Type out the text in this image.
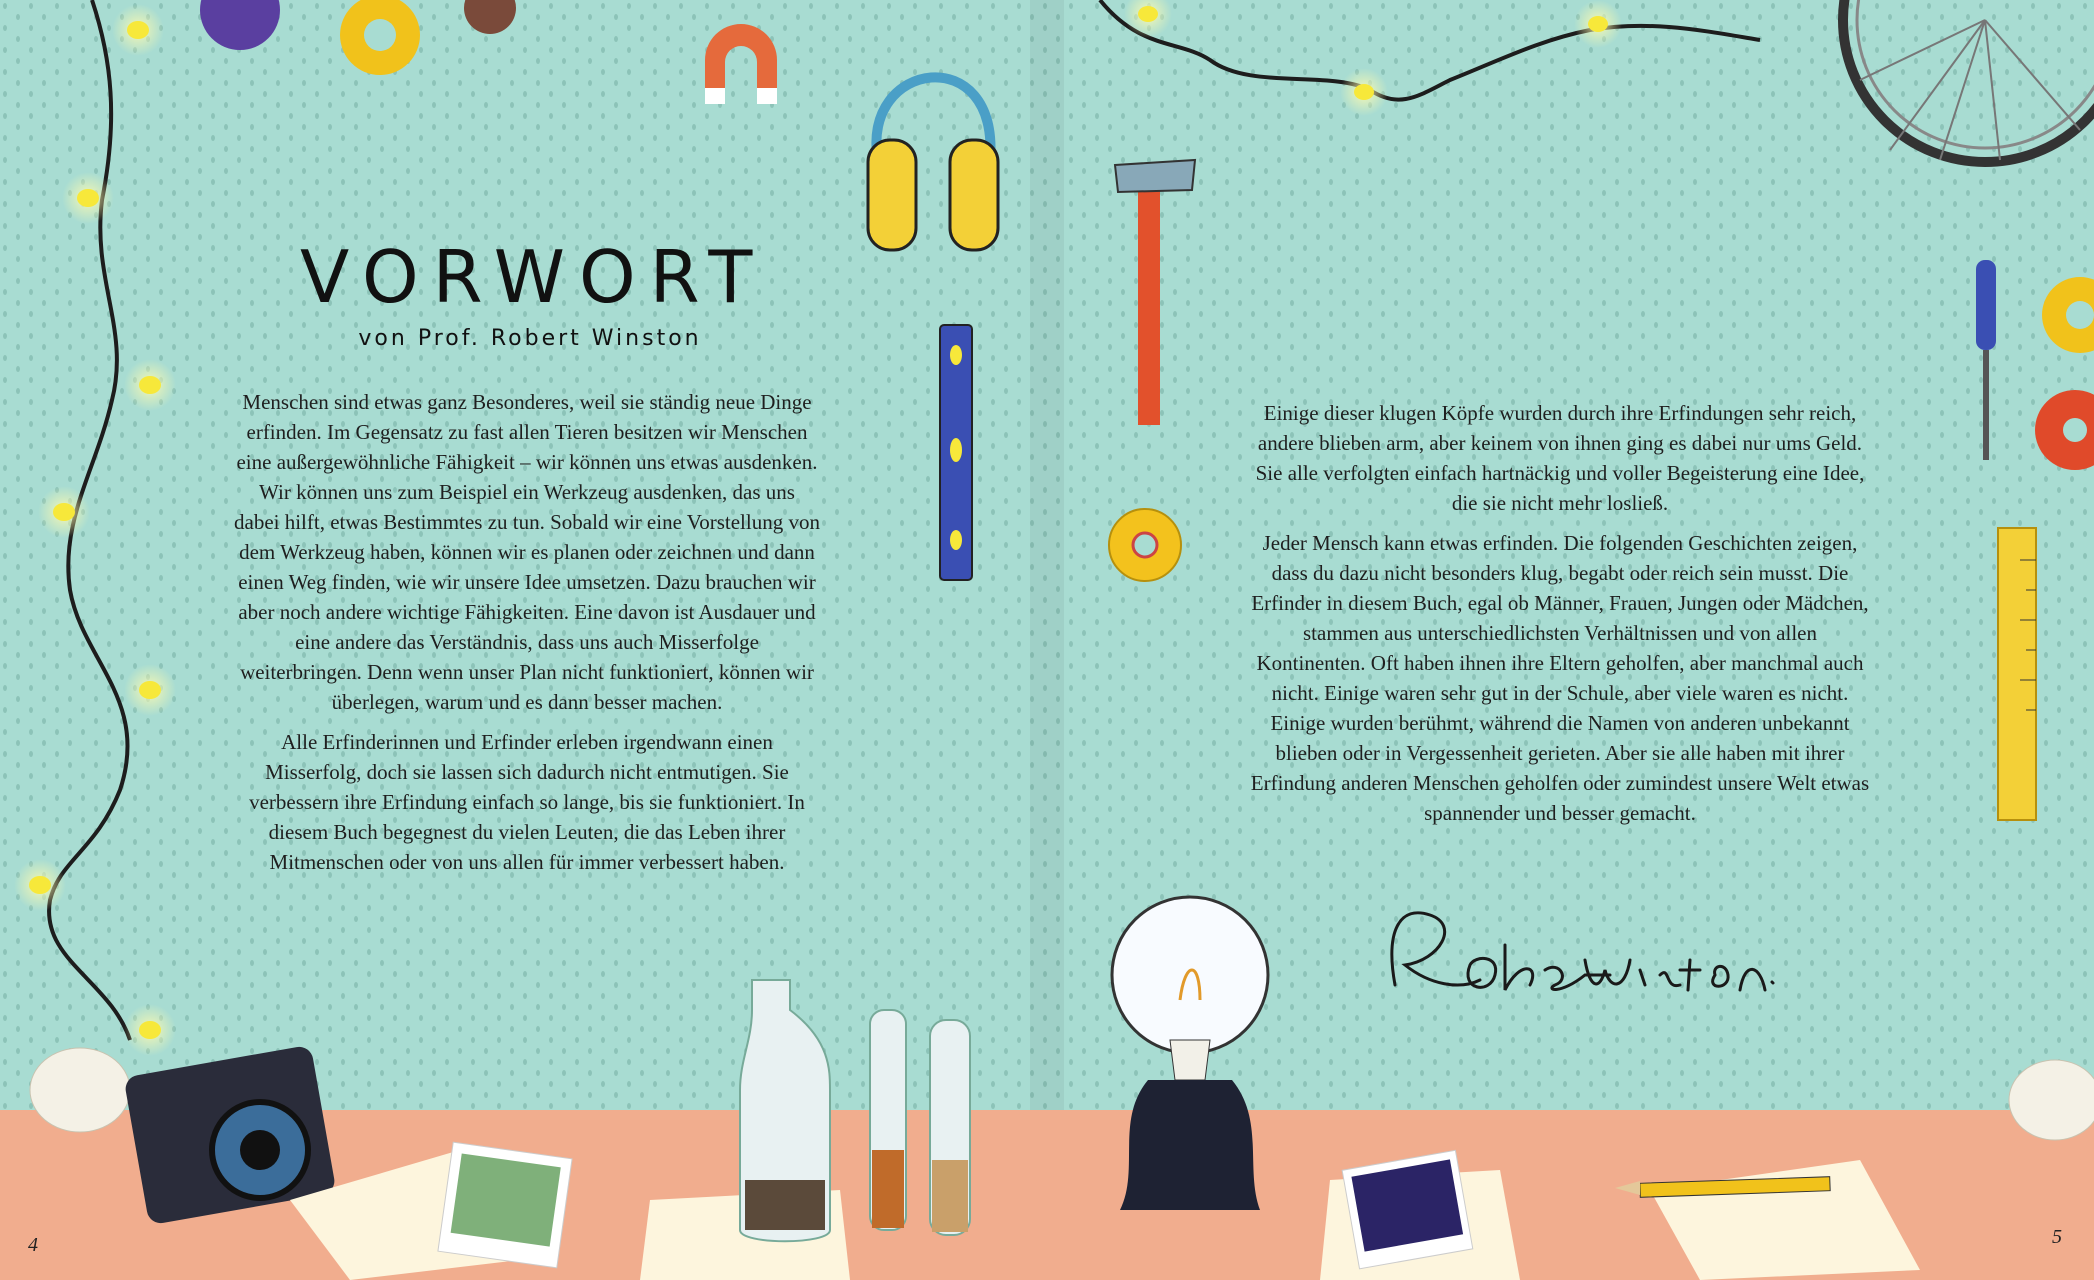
VORWORT
von Prof. Robert Winston

Menschen sind etwas ganz Besonderes, weil sie ständig neue Dinge erfinden. Im Gegensatz zu fast allen Tieren besitzen wir Menschen eine außergewöhnliche Fähigkeit – wir können uns etwas ausdenken. Wir können uns zum Beispiel ein Werkzeug ausdenken, das uns dabei hilft, etwas Bestimmtes zu tun. Sobald wir eine Vorstellung von dem Werkzeug haben, können wir es planen oder zeichnen und dann einen Weg finden, wie wir unsere Idee umsetzen. Dazu brauchen wir aber noch andere wichtige Fähigkeiten. Eine davon ist Ausdauer und eine andere das Verständnis, dass uns auch Misserfolge weiterbringen. Denn wenn unser Plan nicht funktioniert, können wir überlegen, warum und es dann besser machen.

Alle Erfinderinnen und Erfinder erleben irgendwann einen Misserfolg, doch sie lassen sich dadurch nicht entmutigen. Sie verbessern ihre Erfindung einfach so lange, bis sie funktioniert. In diesem Buch begegnest du vielen Leuten, die das Leben ihrer Mitmenschen oder von uns allen für immer verbessert haben.

Einige dieser klugen Köpfe wurden durch ihre Erfindungen sehr reich, andere blieben arm, aber keinem von ihnen ging es dabei nur ums Geld. Sie alle verfolgten einfach hartnäckig und voller Begeisterung eine Idee, die sie nicht mehr losließ.

Jeder Mensch kann etwas erfinden. Die folgenden Geschichten zeigen, dass du dazu nicht besonders klug, begabt oder reich sein musst. Die Erfinder in diesem Buch, egal ob Männer, Frauen, Jungen oder Mädchen, stammen aus unterschiedlichsten Verhältnissen und von allen Kontinenten. Oft haben ihnen ihre Eltern geholfen, aber manchmal auch nicht. Einige waren sehr gut in der Schule, aber viele waren es nicht. Einige wurden berühmt, während die Namen von anderen unbekannt blieben oder in Vergessenheit gerieten. Aber sie alle haben mit ihrer Erfindung anderen Menschen geholfen oder zumindest unsere Welt etwas spannender und besser gemacht.

4	5
